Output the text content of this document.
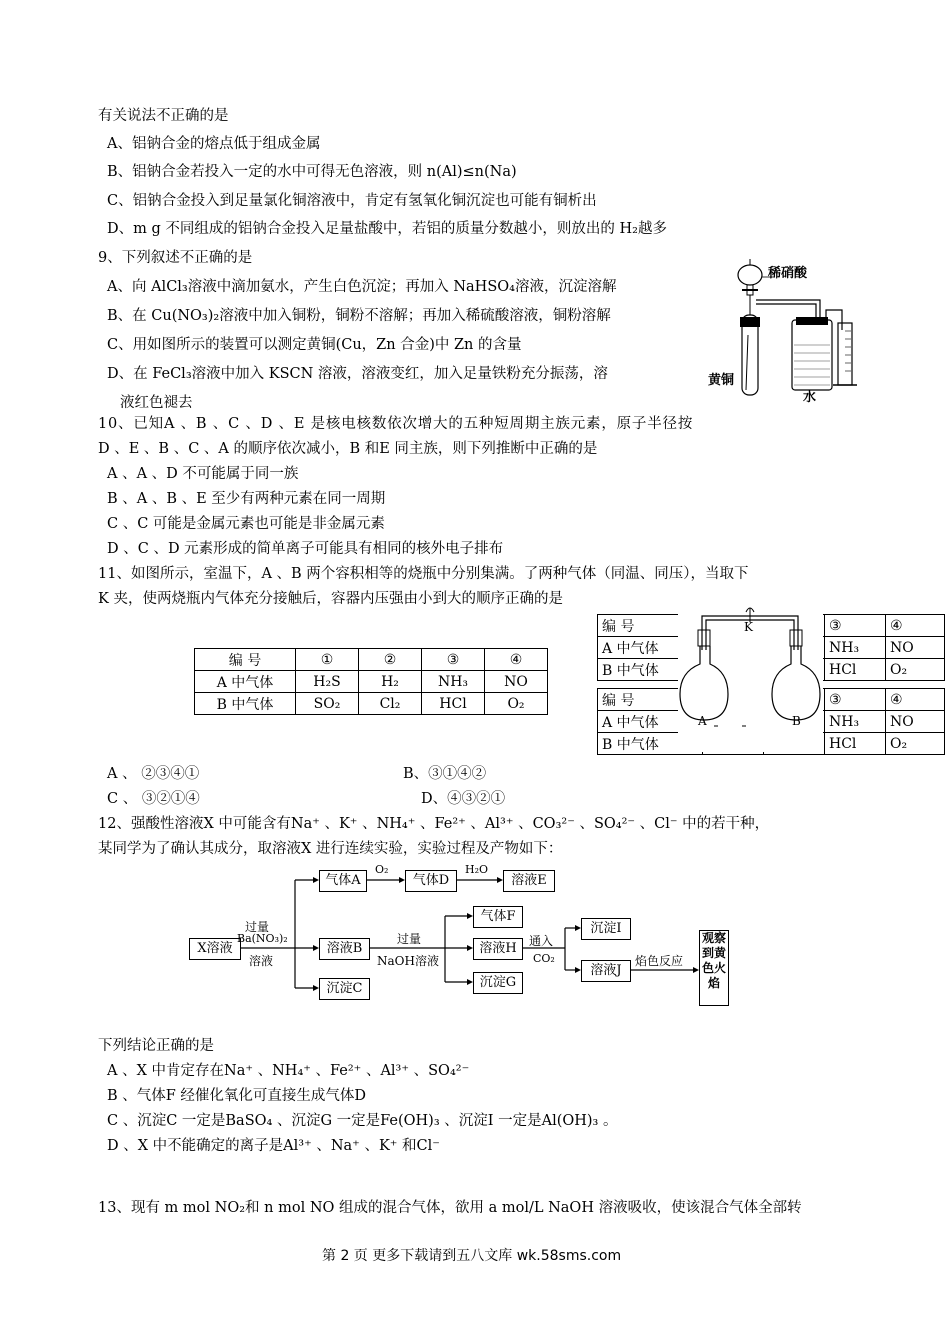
有关说法不正确的是
A、铝钠合金的熔点低于组成金属
B、铝钠合金若投入一定的水中可得无色溶液，则 n(Al)≤n(Na)
C、铝钠合金投入到足量氯化铜溶液中，肯定有氢氧化铜沉淀也可能有铜析出
D、m g 不同组成的铝钠合金投入足量盐酸中，若铝的质量分数越小，则放出的 H₂越多
9、下列叙述不正确的是
A、向 AlCl₃溶液中滴加氨水，产生白色沉淀；再加入 NaHSO₄溶液，沉淀溶解
B、在 Cu(NO₃)₂溶液中加入铜粉，铜粉不溶解；再加入稀硫酸溶液，铜粉溶解
C、用如图所示的装置可以测定黄铜(Cu，Zn 合金)中 Zn 的含量
D、在 FeCl₃溶液中加入 KSCN 溶液，溶液变红，加入足量铁粉充分振荡，溶
液红色褪去
稀硝酸
黄铜
水
10、已知A 、B 、C 、D 、E 是核电核数依次增大的五种短周期主族元素，原子半径按
D 、E 、B 、C 、A 的顺序依次减小，B 和E 同主族，则下列推断中正确的是
A 、A 、D 不可能属于同一族
B 、A 、B 、E 至少有两种元素在同一周期
C 、C 可能是金属元素也可能是非金属元素
D 、C 、D 元素形成的简单离子可能具有相同的核外电子排布
11、如图所示，室温下，A 、B 两个容积相等的烧瓶中分别集满。了两种气体（同温、同压），当取下
K 夹，使两烧瓶内气体充分接触后，容器内压强由小到大的顺序正确的是
编 号	①	②	③	④
A 中气体	H₂S	H₂	NH₃	NO
B 中气体	SO₂	Cl₂	HCl	O₂
编 号			③	④
A 中气体			NH₃	NO
B 中气体			HCl	O₂
编 号			③	④
A 中气体			NH₃	NO
B 中气体			HCl	O₂
K
A	B
A 、 ②③④①	B、③①④②
C 、 ③②①④	D、④③②①
12、强酸性溶液X 中可能含有Na⁺ 、K⁺ 、NH₄⁺ 、Fe²⁺ 、Al³⁺ 、CO₃²⁻ 、SO₄²⁻ 、Cl⁻ 中的若干种，
某同学为了确认其成分，取溶液X 进行连续实验，实验过程及产物如下：
X溶液
过量
Ba(NO₃)₂
溶液
气体A
O₂
气体D
H₂O
溶液E
溶液B
过量
NaOH溶液
气体F
溶液H
沉淀G
通入
CO₂
沉淀I
溶液J
焰色反应
观察到黄色火焰
沉淀C
下列结论正确的是
A 、X 中肯定存在Na⁺ 、NH₄⁺ 、Fe²⁺ 、Al³⁺ 、SO₄²⁻
B 、气体F 经催化氧化可直接生成气体D
C 、沉淀C 一定是BaSO₄ 、沉淀G 一定是Fe(OH)₃ 、沉淀I 一定是Al(OH)₃ 。
D 、X 中不能确定的离子是Al³⁺ 、Na⁺ 、K⁺ 和Cl⁻
13、现有 m mol NO₂和 n mol NO 组成的混合气体，欲用 a mol/L NaOH 溶液吸收，使该混合气体全部转
第 2 页 更多下载请到五八文库 wk.58sms.com
